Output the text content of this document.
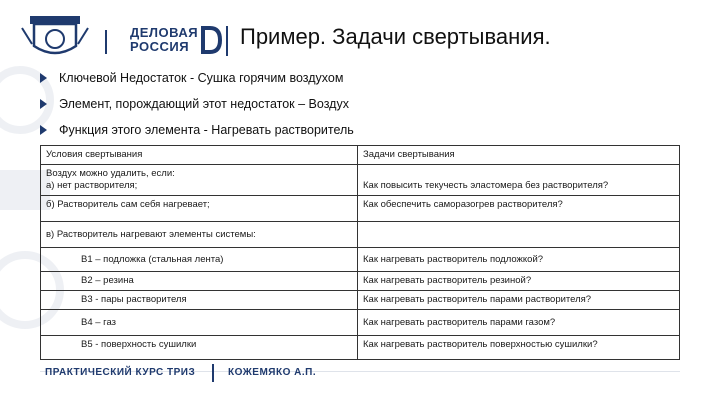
ДЕЛОВАЯ
РОССИЯ	Пример. Задачи свертывания.
Ключевой Недостаток - Сушка горячим воздухом
Элемент, порождающий этот недостаток – Воздух
Функция этого элемента - Нагревать растворитель
Условия свертывания	Задачи свертывания

Воздух можно удалить, если:
а) нет растворителя;	Как повысить текучесть эластомера без растворителя?
б) Растворитель сам себя нагревает;	Как обеспечить саморазогрев растворителя?
в) Растворитель нагревают элементы системы:	
В1 – подложка (стальная лента)	Как нагревать растворитель подложкой?
В2 – резина	Как нагревать растворитель резиной?
В3 - пары растворителя	Как нагревать растворитель парами растворителя?
В4 – газ	Как нагревать растворитель парами газом?
В5 - поверхность сушилки	Как нагревать растворитель поверхностью сушилки?
ПРАКТИЧЕСКИЙ КУРС ТРИЗ	КОЖЕМЯКО А.П.
